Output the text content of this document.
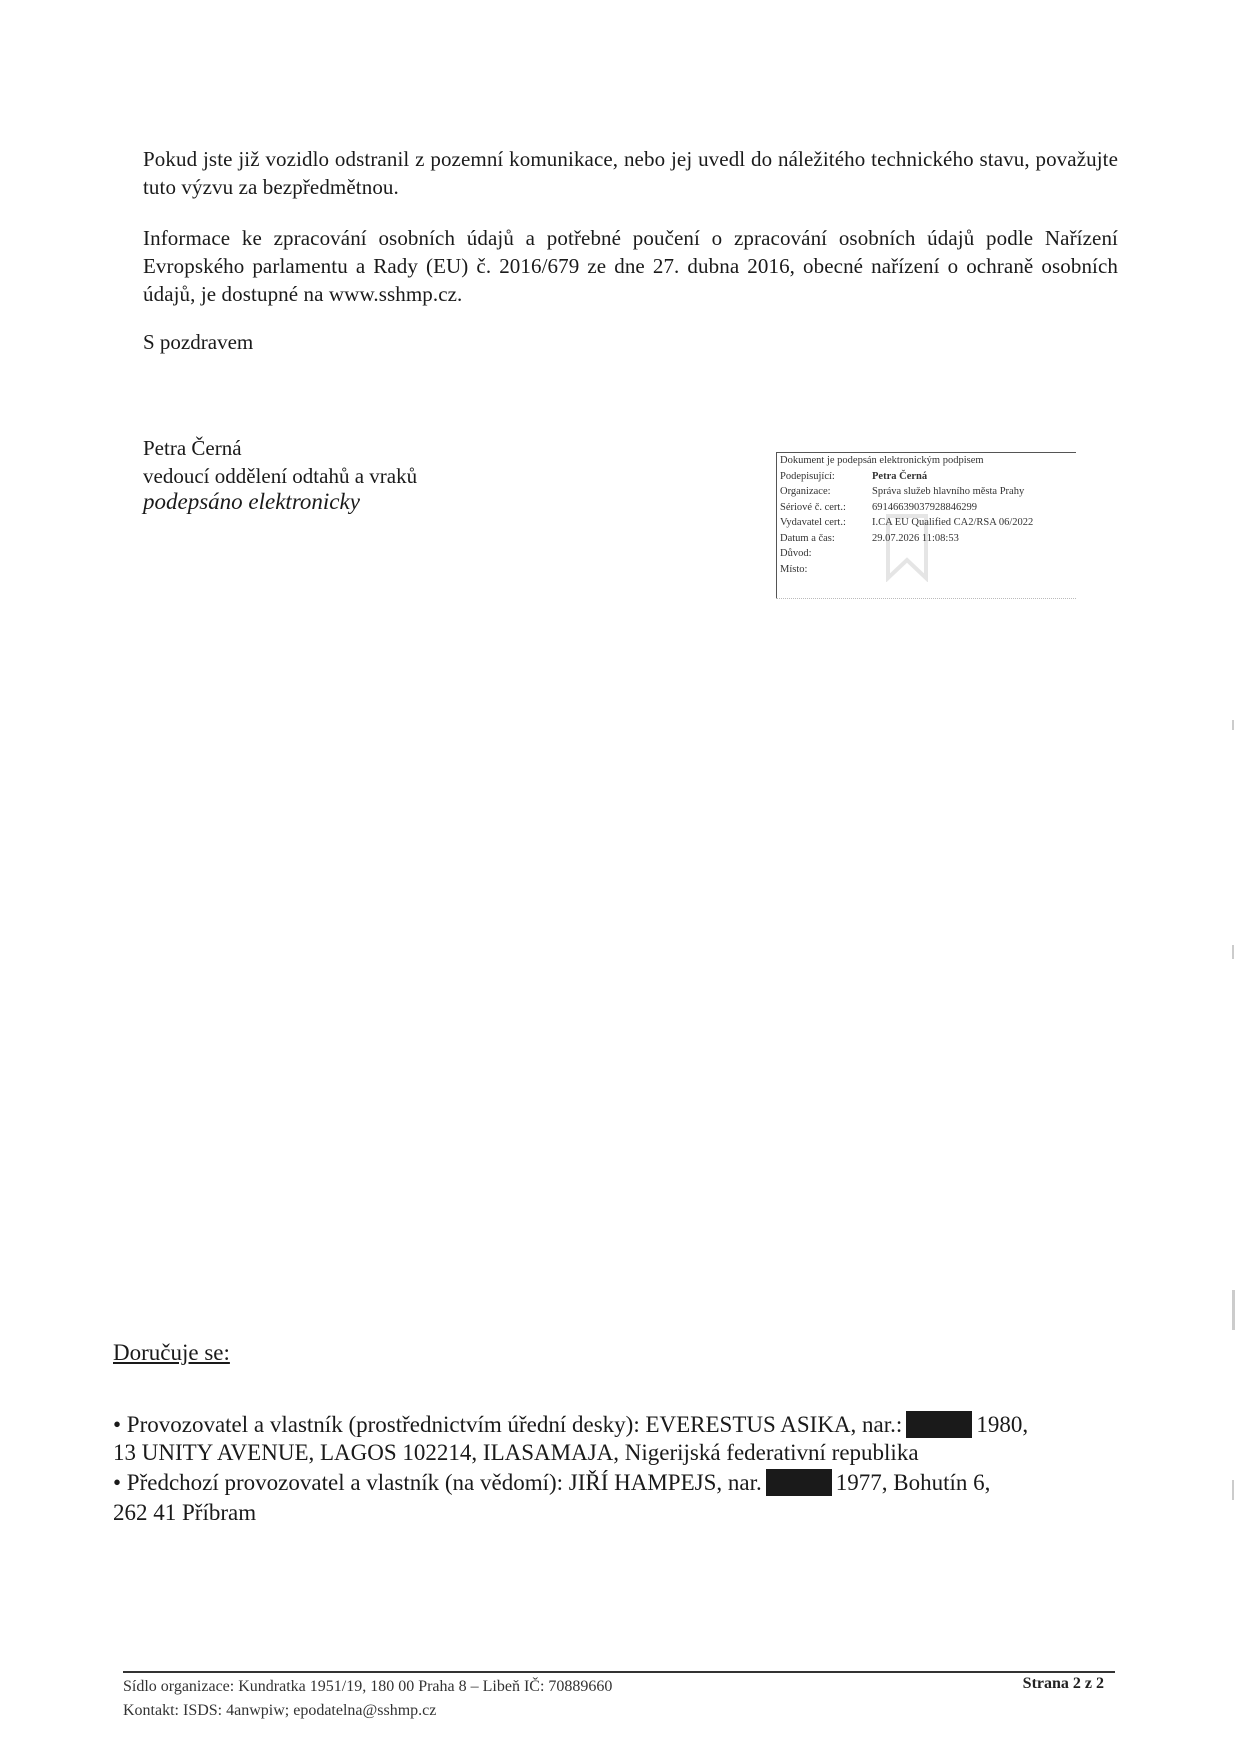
Pokud jste již vozidlo odstranil z pozemní komunikace, nebo jej uvedl do náležitého technického stavu, považujte tuto výzvu za bezpředmětnou.

Informace ke zpracování osobních údajů a potřebné poučení o zpracování osobních údajů podle Nařízení Evropského parlamentu a Rady (EU) č. 2016/679 ze dne 27. dubna 2016, obecné nařízení o ochraně osobních údajů, je dostupné na www.sshmp.cz.

S pozdravem
Petra Černá
vedoucí oddělení odtahů a vraků
podepsáno elektronicky
Dokument je podepsán elektronickým podpisem
Podepisující:	Petra Černá
Organizace:	Správa služeb hlavního města Prahy
Sériové č. cert.:	6914663903792884629​9
Vydavatel cert.:	I.CA EU Qualified CA2/RSA 06/2022
Datum a čas:	29.07.2026 11:08:53
Důvod:
Místo:
Doručuje se:
• Provozovatel a vlastník (prostřednictvím úřední desky): EVERESTUS ASIKA, nar.:	1980,
13 UNITY AVENUE, LAGOS 102214, ILASAMAJA, Nigerijská federativní republika
• Předchozí provozovatel a vlastník (na vědomí): JIŘÍ HAMPEJS, nar.	1977, Bohutín 6,
262 41 Příbram
Sídlo organizace: Kundratka 1951/19, 180 00 Praha 8 – Libeň IČ: 70889660
Kontakt: ISDS: 4anwpiw; epodatelna@sshmp.cz
Strana 2 z 2
